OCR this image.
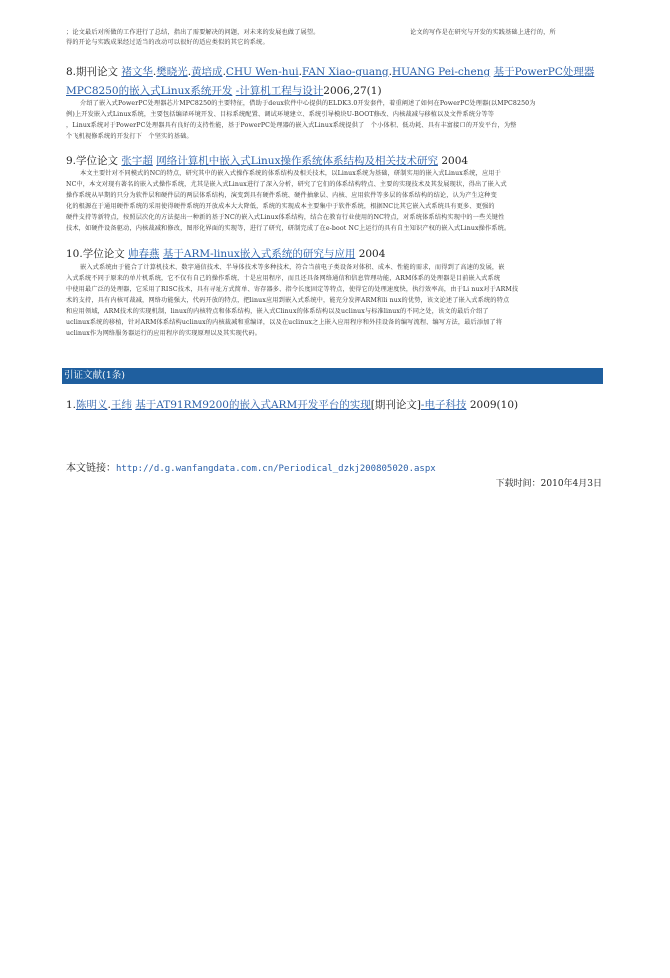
；论文最后对所做的工作进行了总结，指出了需要解决的问题，对未来的发展也做了展望。	论文的写作是在研究与开发的实践基础上进行的，所
得的开论与实践成果经过适当的改动可以很好的适应类似的其它的系统。
8.期刊论文 褚文华.樊晓光.黄培成.CHU Wen-hui.FAN Xiao-guang.HUANG Pei-cheng 基于PowerPC处理器
MPC8250的嵌入式Linux系统开发 -计算机工程与设计2006,27(1)
介绍了嵌入式PowerPC处理器芯片MPC8250的主要特征，借助于deux软件中心提供的ELDK3.0开发套件，着重阐述了如何在PowerPC处理器(以MPC8250为
例)上开发嵌入式Linux系统，主要包括编译环境开发、目标系统配置、调试环境建立、系统引导模块U-BOOT修改、内核裁减与移植以及文件系统分等等
，Linux系统对于PowerPC处理器具有良好的支持性能，基于PowerPC处理器的嵌入式Linux系统提供了　个小体积、低功耗、具有丰富接口的开发平台，为整
个飞机视修系统的开发打下　个坚实的基础。
9.学位论文 张宇超 网络计算机中嵌入式Linux操作系统体系结构及相关技术研究 2004
本文主要针对不同模式的NC的特点，研究其中的嵌入式操作系统的体系结构及相关技术，以Linux系统为基础，研制实用的嵌入式Linux系统，应用于
NC中，本文对现有著名的嵌入式操作系统，尤其是嵌入式Linux进行了深入分析，研究了它们的体系结构特点、主要的实现技术及其发展现状，得出了嵌入式
操作系统从早期的只分为软件层和硬件层的两层体系结构，演变到具有硬件系统、硬件抽象层、内核、应用软件等多层的体系结构的结论，认为产生这种变
化的根源在于通用硬件系统的采用使得硬件系统的开放成本大大降低，系统的实现成本主要集中于软件系统，根据NC比其它嵌入式系统具有更多、更强的
硬件支持等新特点，按照层次化的方法提出一种新的基于NC的嵌入式Linux体系结构，结合在教育行业使用的NC特点，对系统体系结构实现中的一些关键性
技术，如硬件设备驱动，内核裁减和修改，图形化界面的实现等，进行了研究，研制完成了在e-boot NC上运行的具有自主知识产权的嵌入式Linux操作系统。
10.学位论文 帅春燕 基于ARM-linux嵌入式系统的研究与应用 2004
嵌入式系统由于能合了计算机技术、数字通信技术、半导体技术等多种技术，符合当前电子类设备对体积、成本、性能的需求，而得到了高速的发展，嵌
入式系统不同于原来的单片机系统，它不仅有自己的操作系统，十是应用程序，而且还具备网络通信和信息管理功能，ARM体系的处理器是目前嵌入式系统
中使用最广泛的处理器，它采用了RISC技术，具有寻址方式简单、寄存器多、指令长度固定等特点，使得它的处理速度快，执行效率高，由于Li nux对于ARM技
术的支持，具有内核可裁减，网络功能强大，代码开放的特点，把linux应用到嵌入式系统中，能充分发挥ARM和li nux的优势，该文论述了嵌入式系统的特点
和应用领域，ARM技术的实现机制，linux的内核特点和体系结构，嵌入式Clinux的体系结构以及uclinux与标准linux的不同之处，该文的最后介绍了
uclinux系统的移植，针对ARM体系结构uclinux的内核裁减和重编译，以及在uclinux之上嵌入应用程序和外挂设备的编写流程、编写方法，最后添加了将
uclinux作为网络服务器运行的应用程序的实现原理以及其实现代码。
引证文献(1条)
1.陈明义.王纬 基于AT91RM9200的嵌入式ARM开发平台的实现[期刊论文]-电子科技 2009(10)
本文链接：http://d.g.wanfangdata.com.cn/Periodical_dzkj200805020.aspx
下载时间：2010年4月3日
